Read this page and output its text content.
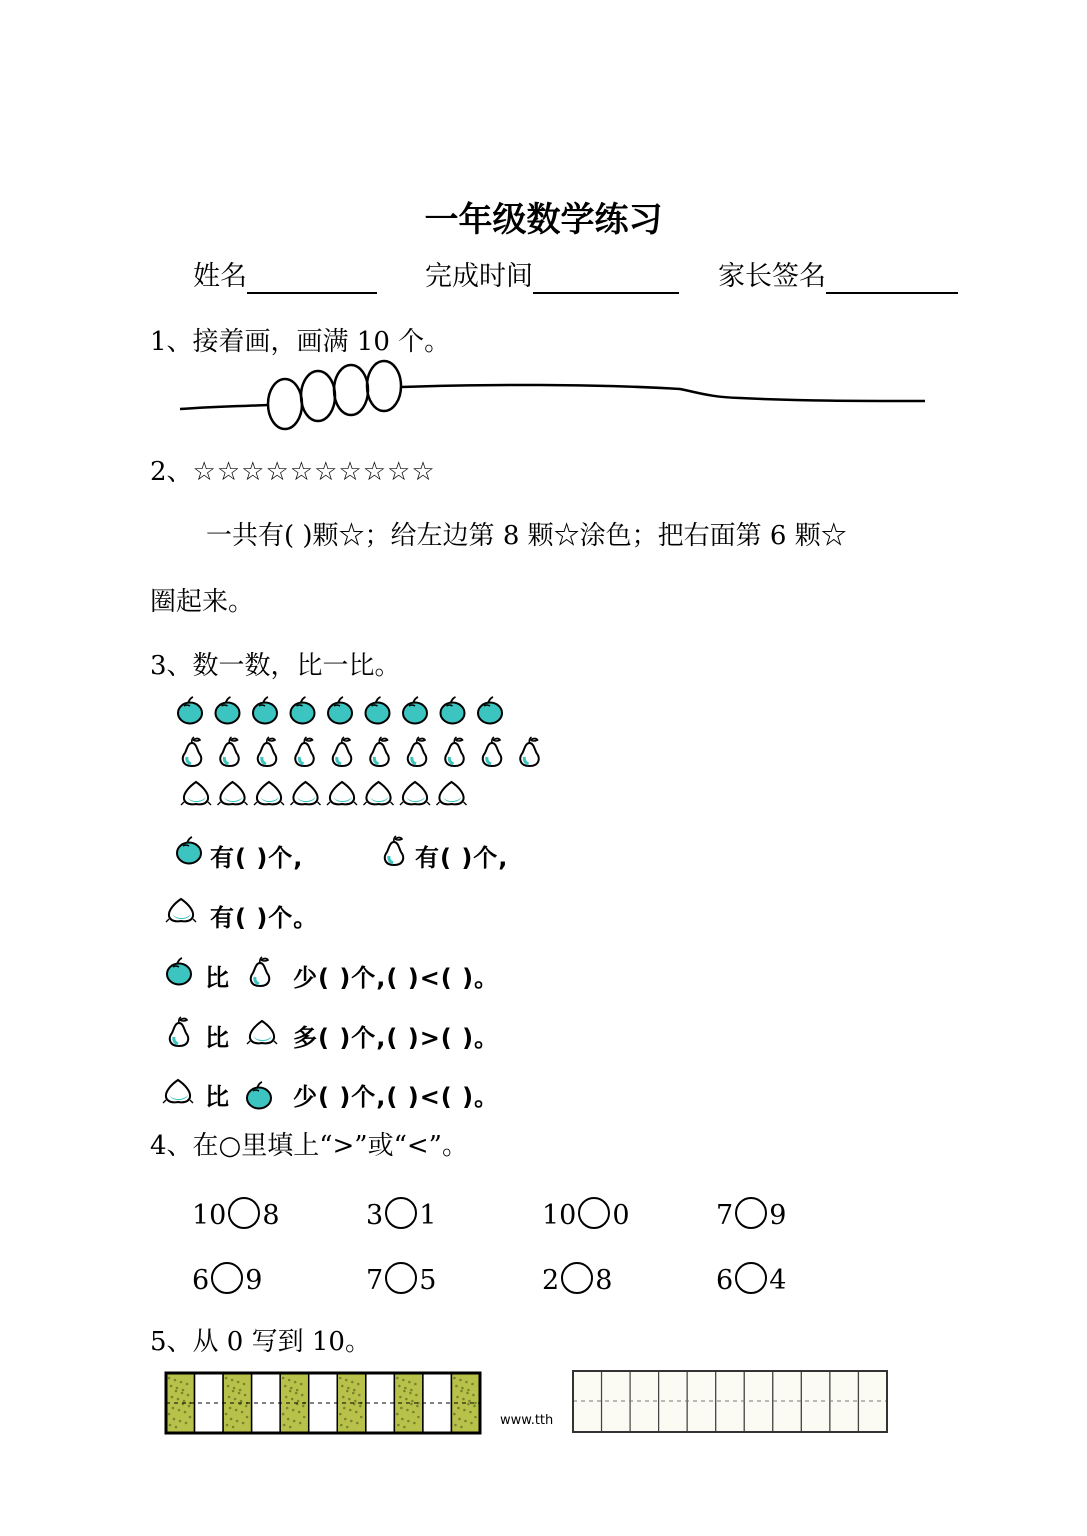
一年级数学练习
姓名	完成时间	家长签名
1、接着画，画满 10 个。
2、☆☆☆☆☆☆☆☆☆☆
一共有( )颗☆；给左边第 8 颗☆涂色；把右面第 6 颗☆
圈起来。
3、数一数，比一比。
有( )个,	有( )个,
有( )个。
比	少( )个,( )<( )。
比	多( )个,( )>( )。
比	少( )个,( )<( )。
4、在○里填上“>”或“<”。
10 8	3 1	10 0	7 9
6 9	7 5	2 8	6 4
5、从 0 写到 10。
www.tth
